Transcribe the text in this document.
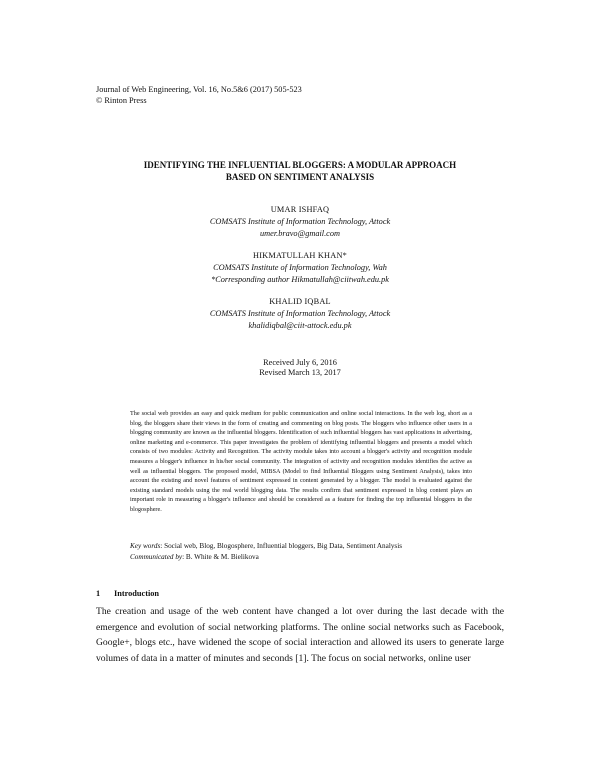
Journal of Web Engineering, Vol. 16, No.5&6 (2017) 505-523
© Rinton Press
IDENTIFYING THE INFLUENTIAL BLOGGERS: A MODULAR APPROACH
BASED ON SENTIMENT ANALYSIS
UMAR ISHFAQ
COMSATS Institute of Information Technology, Attock
umer.bravo@gmail.com
HIKMATULLAH KHAN*
COMSATS Institute of Information Technology, Wah
*Corresponding author Hikmatullah@ciitwah.edu.pk
KHALID IQBAL
COMSATS Institute of Information Technology, Attock
khalidiqbal@ciit-attock.edu.pk
Received July 6, 2016
Revised March 13, 2017
The social web provides an easy and quick medium for public communication and online social interactions. In the web log, short as a blog, the bloggers share their views in the form of creating and commenting on blog posts. The bloggers who influence other users in a blogging community are known as the influential bloggers. Identification of such influential bloggers has vast applications in advertising, online marketing and e-commerce. This paper investigates the problem of identifying influential bloggers and presents a model which consists of two modules: Activity and Recognition. The activity module takes into account a blogger's activity and recognition module measures a blogger's influence in his/her social community. The integration of activity and recognition modules identifies the active as well as influential bloggers. The proposed model, MIBSA (Model to find Influential Bloggers using Sentiment Analysis), takes into account the existing and novel features of sentiment expressed in content generated by a blogger. The model is evaluated against the existing standard models using the real world blogging data. The results confirm that sentiment expressed in blog content plays an important role in measuring a blogger's influence and should be considered as a feature for finding the top influential bloggers in the blogosphere.
Key words: Social web, Blog, Blogosphere, Influential bloggers, Big Data, Sentiment Analysis
Communicated by: B. White & M. Bielikova
1 Introduction
The creation and usage of the web content have changed a lot over during the last decade with the emergence and evolution of social networking platforms. The online social networks such as Facebook, Google+, blogs etc., have widened the scope of social interaction and allowed its users to generate large volumes of data in a matter of minutes and seconds [1]. The focus on social networks, online user
